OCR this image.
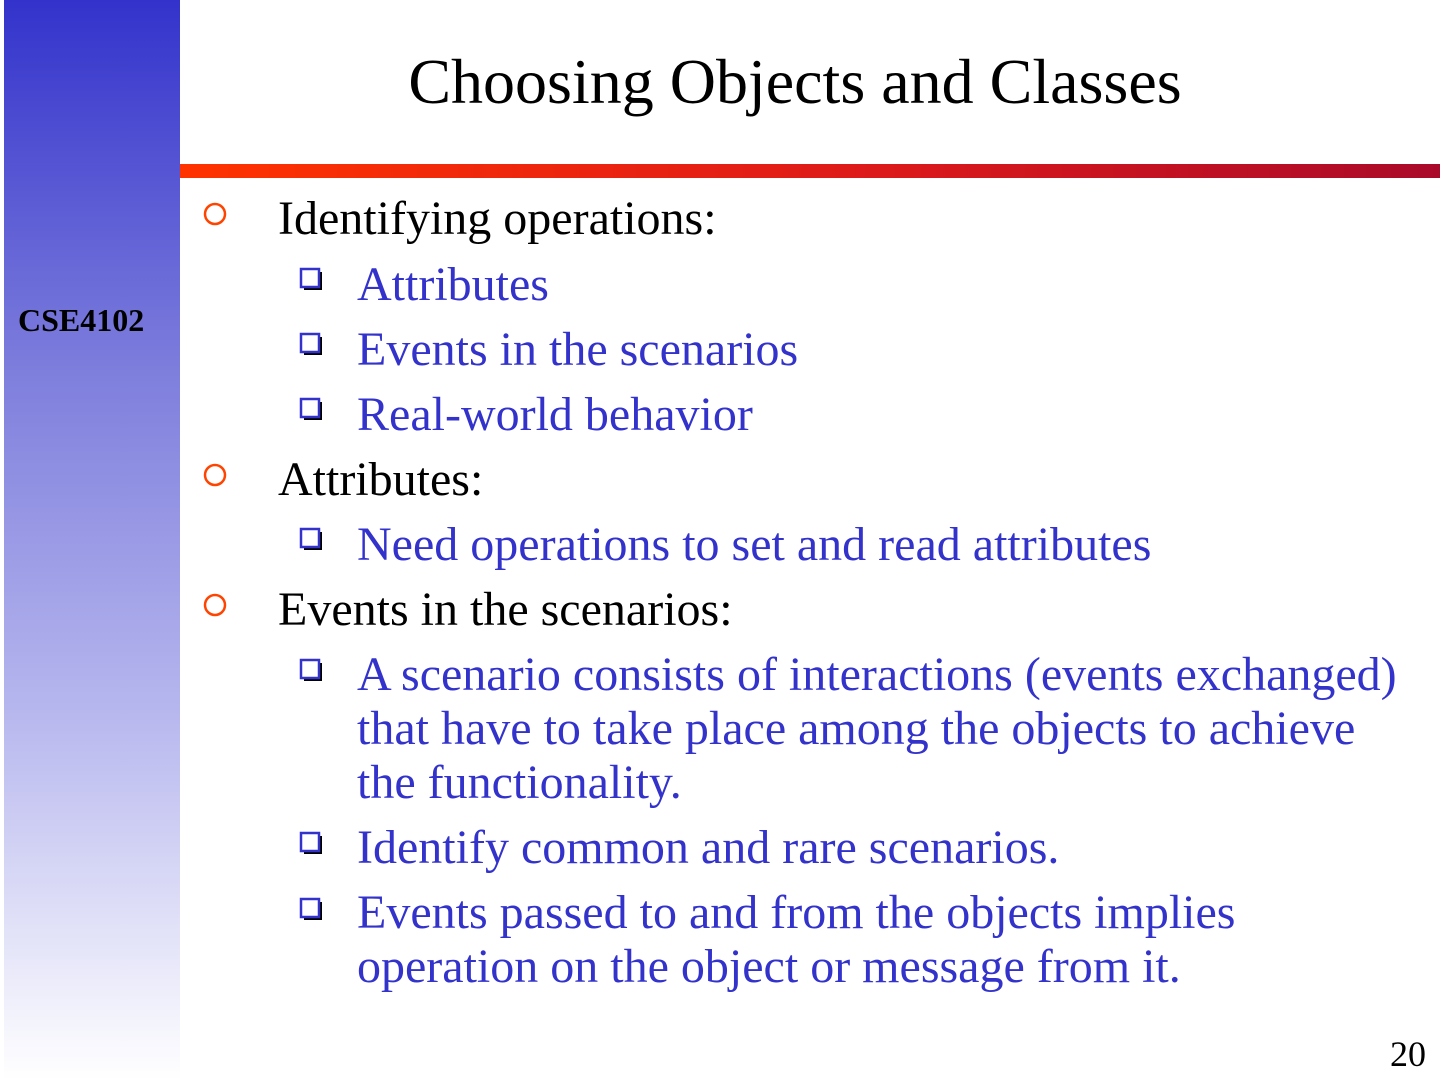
CSE4102
Choosing Objects and Classes
Identifying operations:
Attributes
Events in the scenarios
Real-world behavior
Attributes:
Need operations to set and read attributes
Events in the scenarios:
A scenario consists of interactions (events exchanged) that have to take place among the objects to achieve the functionality.
Identify common and rare scenarios.
Events passed to and from the objects implies operation on the object or message from it.
20
